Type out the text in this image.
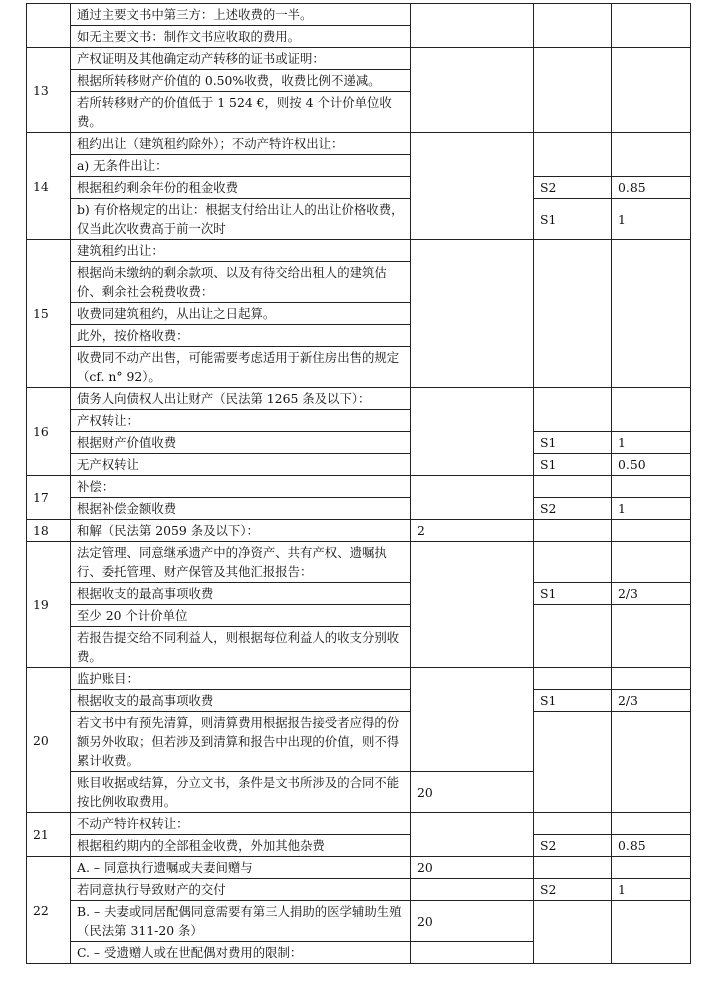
	通过主要文书中第三方：上述收费的一半。			
	如无主要文书：制作文书应收取的费用。			
13	产权证明及其他确定动产转移的证书或证明：			
	根据所转移财产价值的 0.50%收费，收费比例不递减。			
	若所转移财产的价值低于 1 524 €，则按 4 个计价单位收费。			
14	租约出让（建筑租约除外）；不动产特许权出让：			
	a) 无条件出让：			
	根据租约剩余年份的租金收费		S2	0.85
	b) 有价格规定的出让：根据支付给出让人的出让价格收费，仅当此次收费高于前一次时		S1	1
15	建筑租约出让：			
	根据尚未缴纳的剩余款项、以及有待交给出租人的建筑估价、剩余社会税费收费：			
	收费同建筑租约，从出让之日起算。			
	此外，按价格收费：			
	收费同不动产出售，可能需要考虑适用于新住房出售的规定（cf. n° 92）。			
16	债务人向债权人出让财产（民法第 1265 条及以下）：			
	产权转让：			
	根据财产价值收费		S1	1
	无产权转让		S1	0.50
17	补偿：			
	根据补偿金额收费		S2	1
18	和解（民法第 2059 条及以下）：	2		
19	法定管理、同意继承遗产中的净资产、共有产权、遗嘱执行、委托管理、财产保管及其他汇报报告：			
	根据收支的最高事项收费		S1	2/3
	至少 20 个计价单位			
	若报告提交给不同利益人，则根据每位利益人的收支分别收费。			
20	监护账目：			
	根据收支的最高事项收费		S1	2/3
	若文书中有预先清算，则清算费用根据报告接受者应得的份额另外收取；但若涉及到清算和报告中出现的价值，则不得累计收费。			
	账目收据或结算，分立文书，条件是文书所涉及的合同不能按比例收取费用。	20		
21	不动产特许权转让：			
	根据租约期内的全部租金收费，外加其他杂费		S2	0.85
22	A. – 同意执行遗嘱或夫妻间赠与	20		
	若同意执行导致财产的交付		S2	1
	B. – 夫妻或同居配偶同意需要有第三人捐助的医学辅助生殖（民法第 311-20 条）	20		
	C. – 受遗赠人或在世配偶对费用的限制：			
